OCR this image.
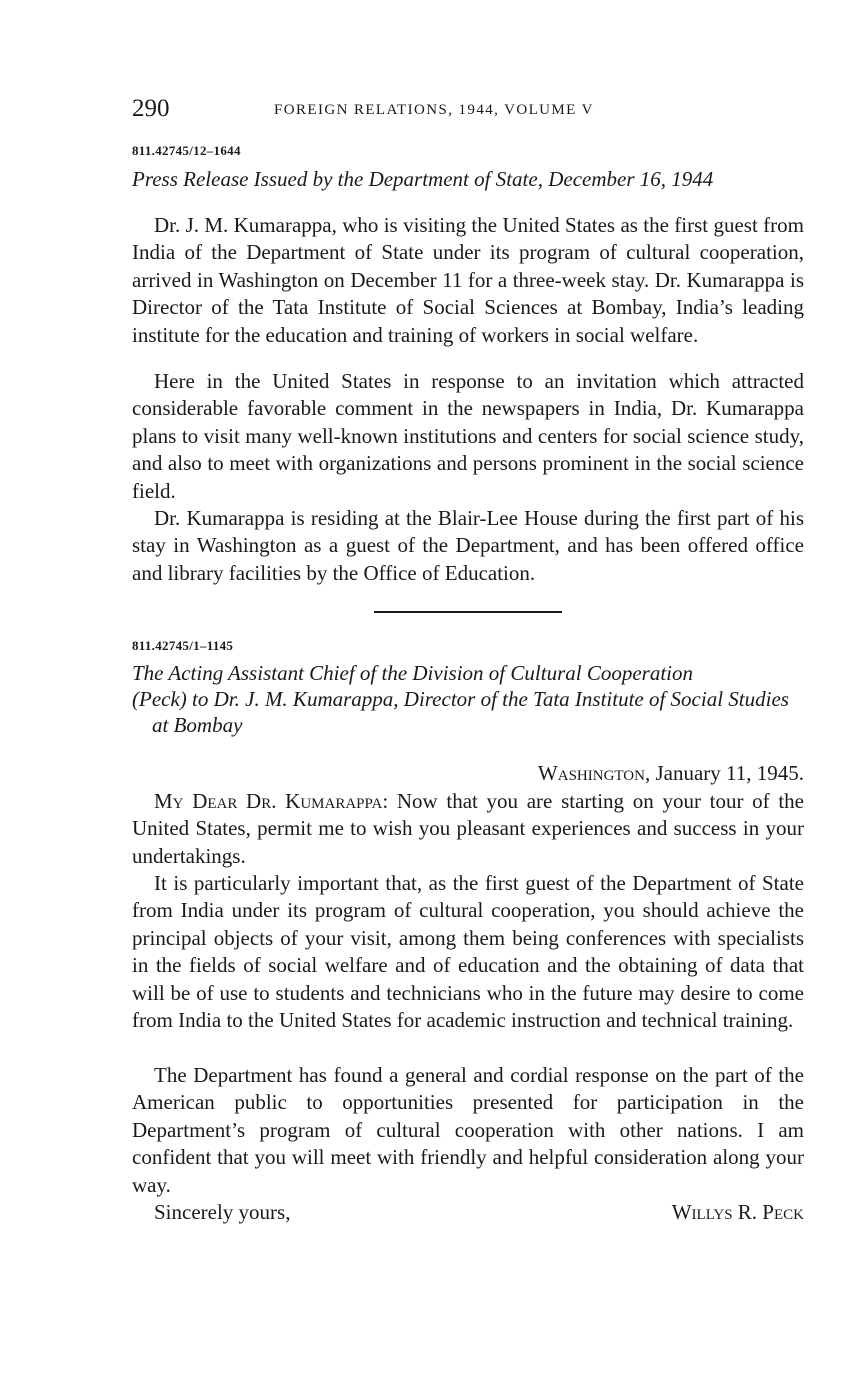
290	FOREIGN RELATIONS, 1944, VOLUME V
811.42745/12–1644
Press Release Issued by the Department of State, December 16, 1944

Dr. J. M. Kumarappa, who is visiting the United States as the first guest from India of the Department of State under its program of cultural cooperation, arrived in Washington on December 11 for a three-week stay. Dr. Kumarappa is Director of the Tata Institute of Social Sciences at Bombay, India’s leading institute for the education and training of workers in social welfare.

Here in the United States in response to an invitation which attracted considerable favorable comment in the newspapers in India, Dr. Kumarappa plans to visit many well-known institutions and centers for social science study, and also to meet with organizations and persons prominent in the social science field.

Dr. Kumarappa is residing at the Blair-Lee House during the first part of his stay in Washington as a guest of the Department, and has been offered office and library facilities by the Office of Education.

811.42745/1–1145
The Acting Assistant Chief of the Division of Cultural Cooperation
(Peck) to Dr. J. M. Kumarappa, Director of the Tata Institute of Social Studies at Bombay
Washington, January 11, 1945.

My Dear Dr. Kumarappa: Now that you are starting on your tour of the United States, permit me to wish you pleasant experiences and success in your undertakings.

It is particularly important that, as the first guest of the Department of State from India under its program of cultural cooperation, you should achieve the principal objects of your visit, among them being conferences with specialists in the fields of social welfare and of education and the obtaining of data that will be of use to students and technicians who in the future may desire to come from India to the United States for academic instruction and technical training.

The Department has found a general and cordial response on the part of the American public to opportunities presented for participation in the Department’s program of cultural cooperation with other nations. I am confident that you will meet with friendly and helpful consideration along your way.

Sincerely yours,	Willys R. Peck
